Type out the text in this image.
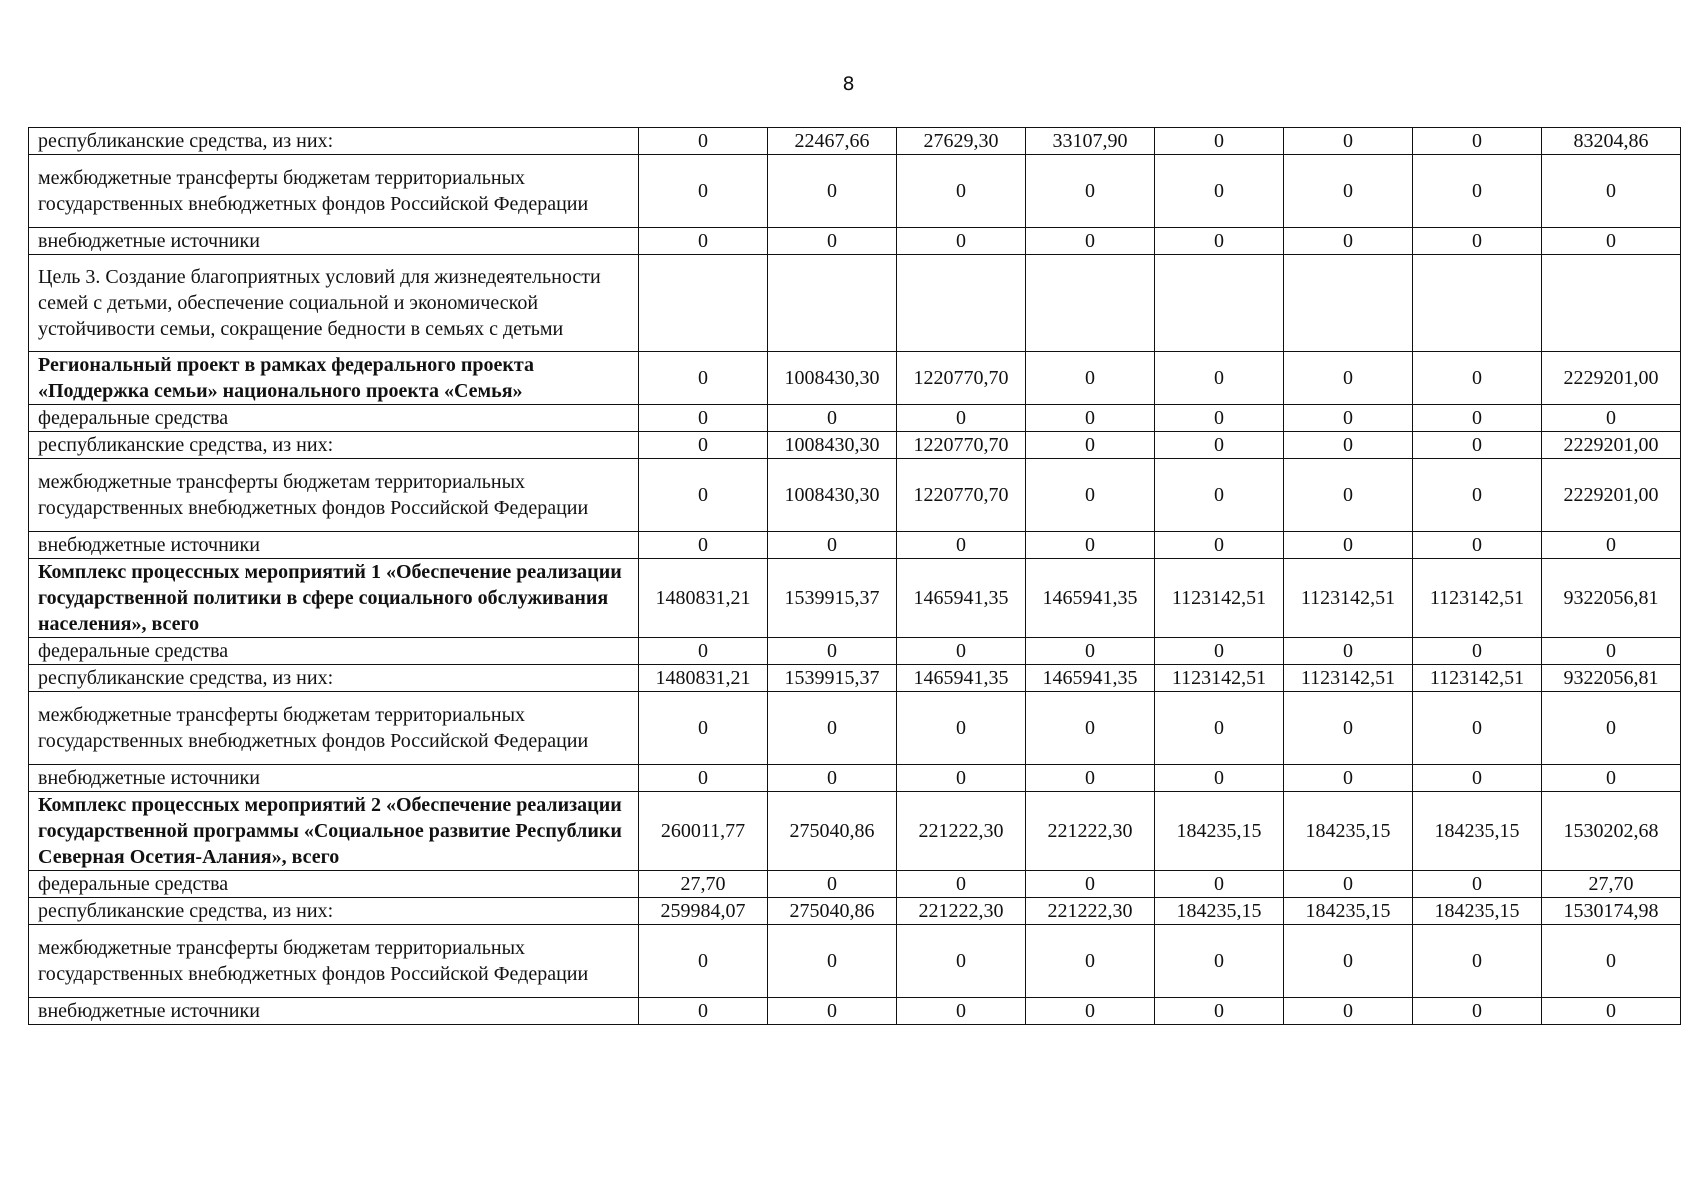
8
республиканские средства, из них:	0	22467,66	27629,30	33107,90	0	0	0	83204,86
межбюджетные трансферты бюджетам территориальных государственных внебюджетных фондов Российской Федерации	0	0	0	0	0	0	0	0
внебюджетные источники	0	0	0	0	0	0	0	0
Цель 3. Создание благоприятных условий для жизнедеятельности семей с детьми, обеспечение социальной и экономической устойчивости семьи, сокращение бедности в семьях с детьми								
Региональный проект в рамках федерального проекта «Поддержка семьи» национального проекта «Семья»	0	1008430,30	1220770,70	0	0	0	0	2229201,00
федеральные средства	0	0	0	0	0	0	0	0
республиканские средства, из них:	0	1008430,30	1220770,70	0	0	0	0	2229201,00
межбюджетные трансферты бюджетам территориальных государственных внебюджетных фондов Российской Федерации	0	1008430,30	1220770,70	0	0	0	0	2229201,00
внебюджетные источники	0	0	0	0	0	0	0	0
Комплекс процессных мероприятий 1 «Обеспечение реализации государственной политики в сфере социального обслуживания населения», всего	1480831,21	1539915,37	1465941,35	1465941,35	1123142,51	1123142,51	1123142,51	9322056,81
федеральные средства	0	0	0	0	0	0	0	0
республиканские средства, из них:	1480831,21	1539915,37	1465941,35	1465941,35	1123142,51	1123142,51	1123142,51	9322056,81
межбюджетные трансферты бюджетам территориальных государственных внебюджетных фондов Российской Федерации	0	0	0	0	0	0	0	0
внебюджетные источники	0	0	0	0	0	0	0	0
Комплекс процессных мероприятий 2 «Обеспечение реализации государственной программы «Социальное развитие Республики Северная Осетия-Алания», всего	260011,77	275040,86	221222,30	221222,30	184235,15	184235,15	184235,15	1530202,68
федеральные средства	27,70	0	0	0	0	0	0	27,70
республиканские средства, из них:	259984,07	275040,86	221222,30	221222,30	184235,15	184235,15	184235,15	1530174,98
межбюджетные трансферты бюджетам территориальных государственных внебюджетных фондов Российской Федерации	0	0	0	0	0	0	0	0
внебюджетные источники	0	0	0	0	0	0	0	0
